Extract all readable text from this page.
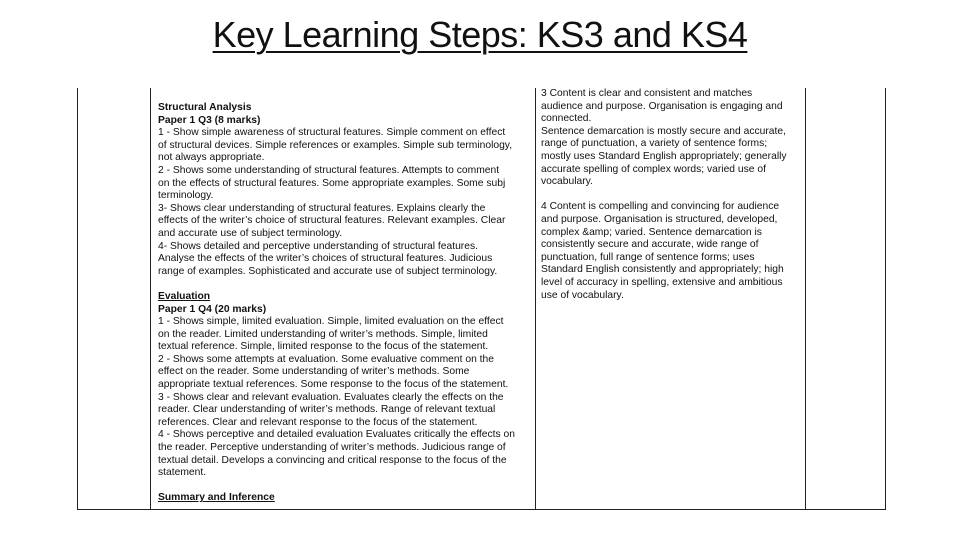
Key Learning Steps: KS3 and KS4
Structural Analysis
Paper 1 Q3 (8 marks)
1 - Show simple awareness of structural features. Simple comment on effect
of structural devices. Simple references or examples. Simple sub terminology,
not always appropriate.
2 - Shows some understanding of structural features. Attempts to comment
on the effects of structural features. Some appropriate examples. Some subj
terminology.
3- Shows clear understanding of structural features. Explains clearly the
effects of the writer’s choice of structural features. Relevant examples. Clear
and accurate use of subject terminology.
4- Shows detailed and perceptive understanding of structural features.
Analyse the effects of the writer’s choices of structural features. Judicious
range of examples. Sophisticated and accurate use of subject terminology.
Evaluation
Paper 1 Q4 (20 marks)
1 - Shows simple, limited evaluation. Simple, limited evaluation on the effect
on the reader. Limited understanding of writer’s methods. Simple, limited
textual reference. Simple, limited response to the focus of the statement.
2 - Shows some attempts at evaluation. Some evaluative comment on the
effect on the reader. Some understanding of writer’s methods. Some
appropriate textual references. Some response to the focus of the statement.
3 - Shows clear and relevant evaluation. Evaluates clearly the effects on the
reader. Clear understanding of writer’s methods. Range of relevant textual
references. Clear and relevant response to the focus of the statement.
4 - Shows perceptive and detailed evaluation Evaluates critically the effects on
the reader. Perceptive understanding of writer’s methods. Judicious range of
textual detail. Develops a convincing and critical response to the focus of the
statement.
Summary and Inference
3 Content is clear and consistent and matches
audience and purpose. Organisation is engaging and
connected.
Sentence demarcation is mostly secure and accurate,
range of punctuation, a variety of sentence forms;
mostly uses Standard English appropriately; generally
accurate spelling of complex words; varied use of
vocabulary.
4 Content is compelling and convincing for audience
and purpose. Organisation is structured, developed,
complex &amp; varied. Sentence demarcation is
consistently secure and accurate, wide range of
punctuation, full range of sentence forms; uses
Standard English consistently and appropriately; high
level of accuracy in spelling, extensive and ambitious
use of vocabulary.
